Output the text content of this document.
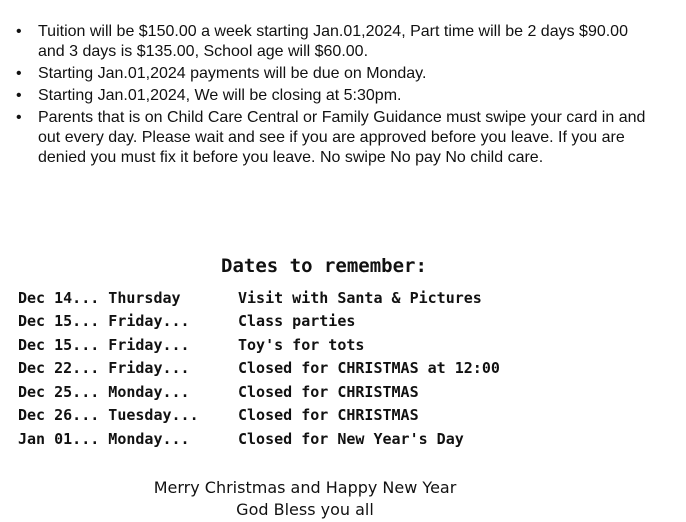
• Tuition will be $150.00 a week starting Jan.01,2024, Part time will be 2 days $90.00 and 3 days is $135.00, School age will $60.00.
• Starting Jan.01,2024 payments will be due on Monday.
• Starting Jan.01,2024, We will be closing at 5:30pm.
• Parents that is on Child Care Central or Family Guidance must swipe your card in and out every day. Please wait and see if you are approved before you leave. If you are denied you must fix it before you leave. No swipe No pay No child care.
Dates to remember:
Dec 14... Thursday	Visit with Santa & Pictures
Dec 15... Friday...	Class parties
Dec 15... Friday...	Toy's for tots
Dec 22... Friday...	Closed for CHRISTMAS at 12:00
Dec 25... Monday...	Closed for CHRISTMAS
Dec 26... Tuesday...	Closed for CHRISTMAS
Jan 01... Monday...	Closed for New Year's Day
Merry Christmas and Happy New Year
God Bless you all
